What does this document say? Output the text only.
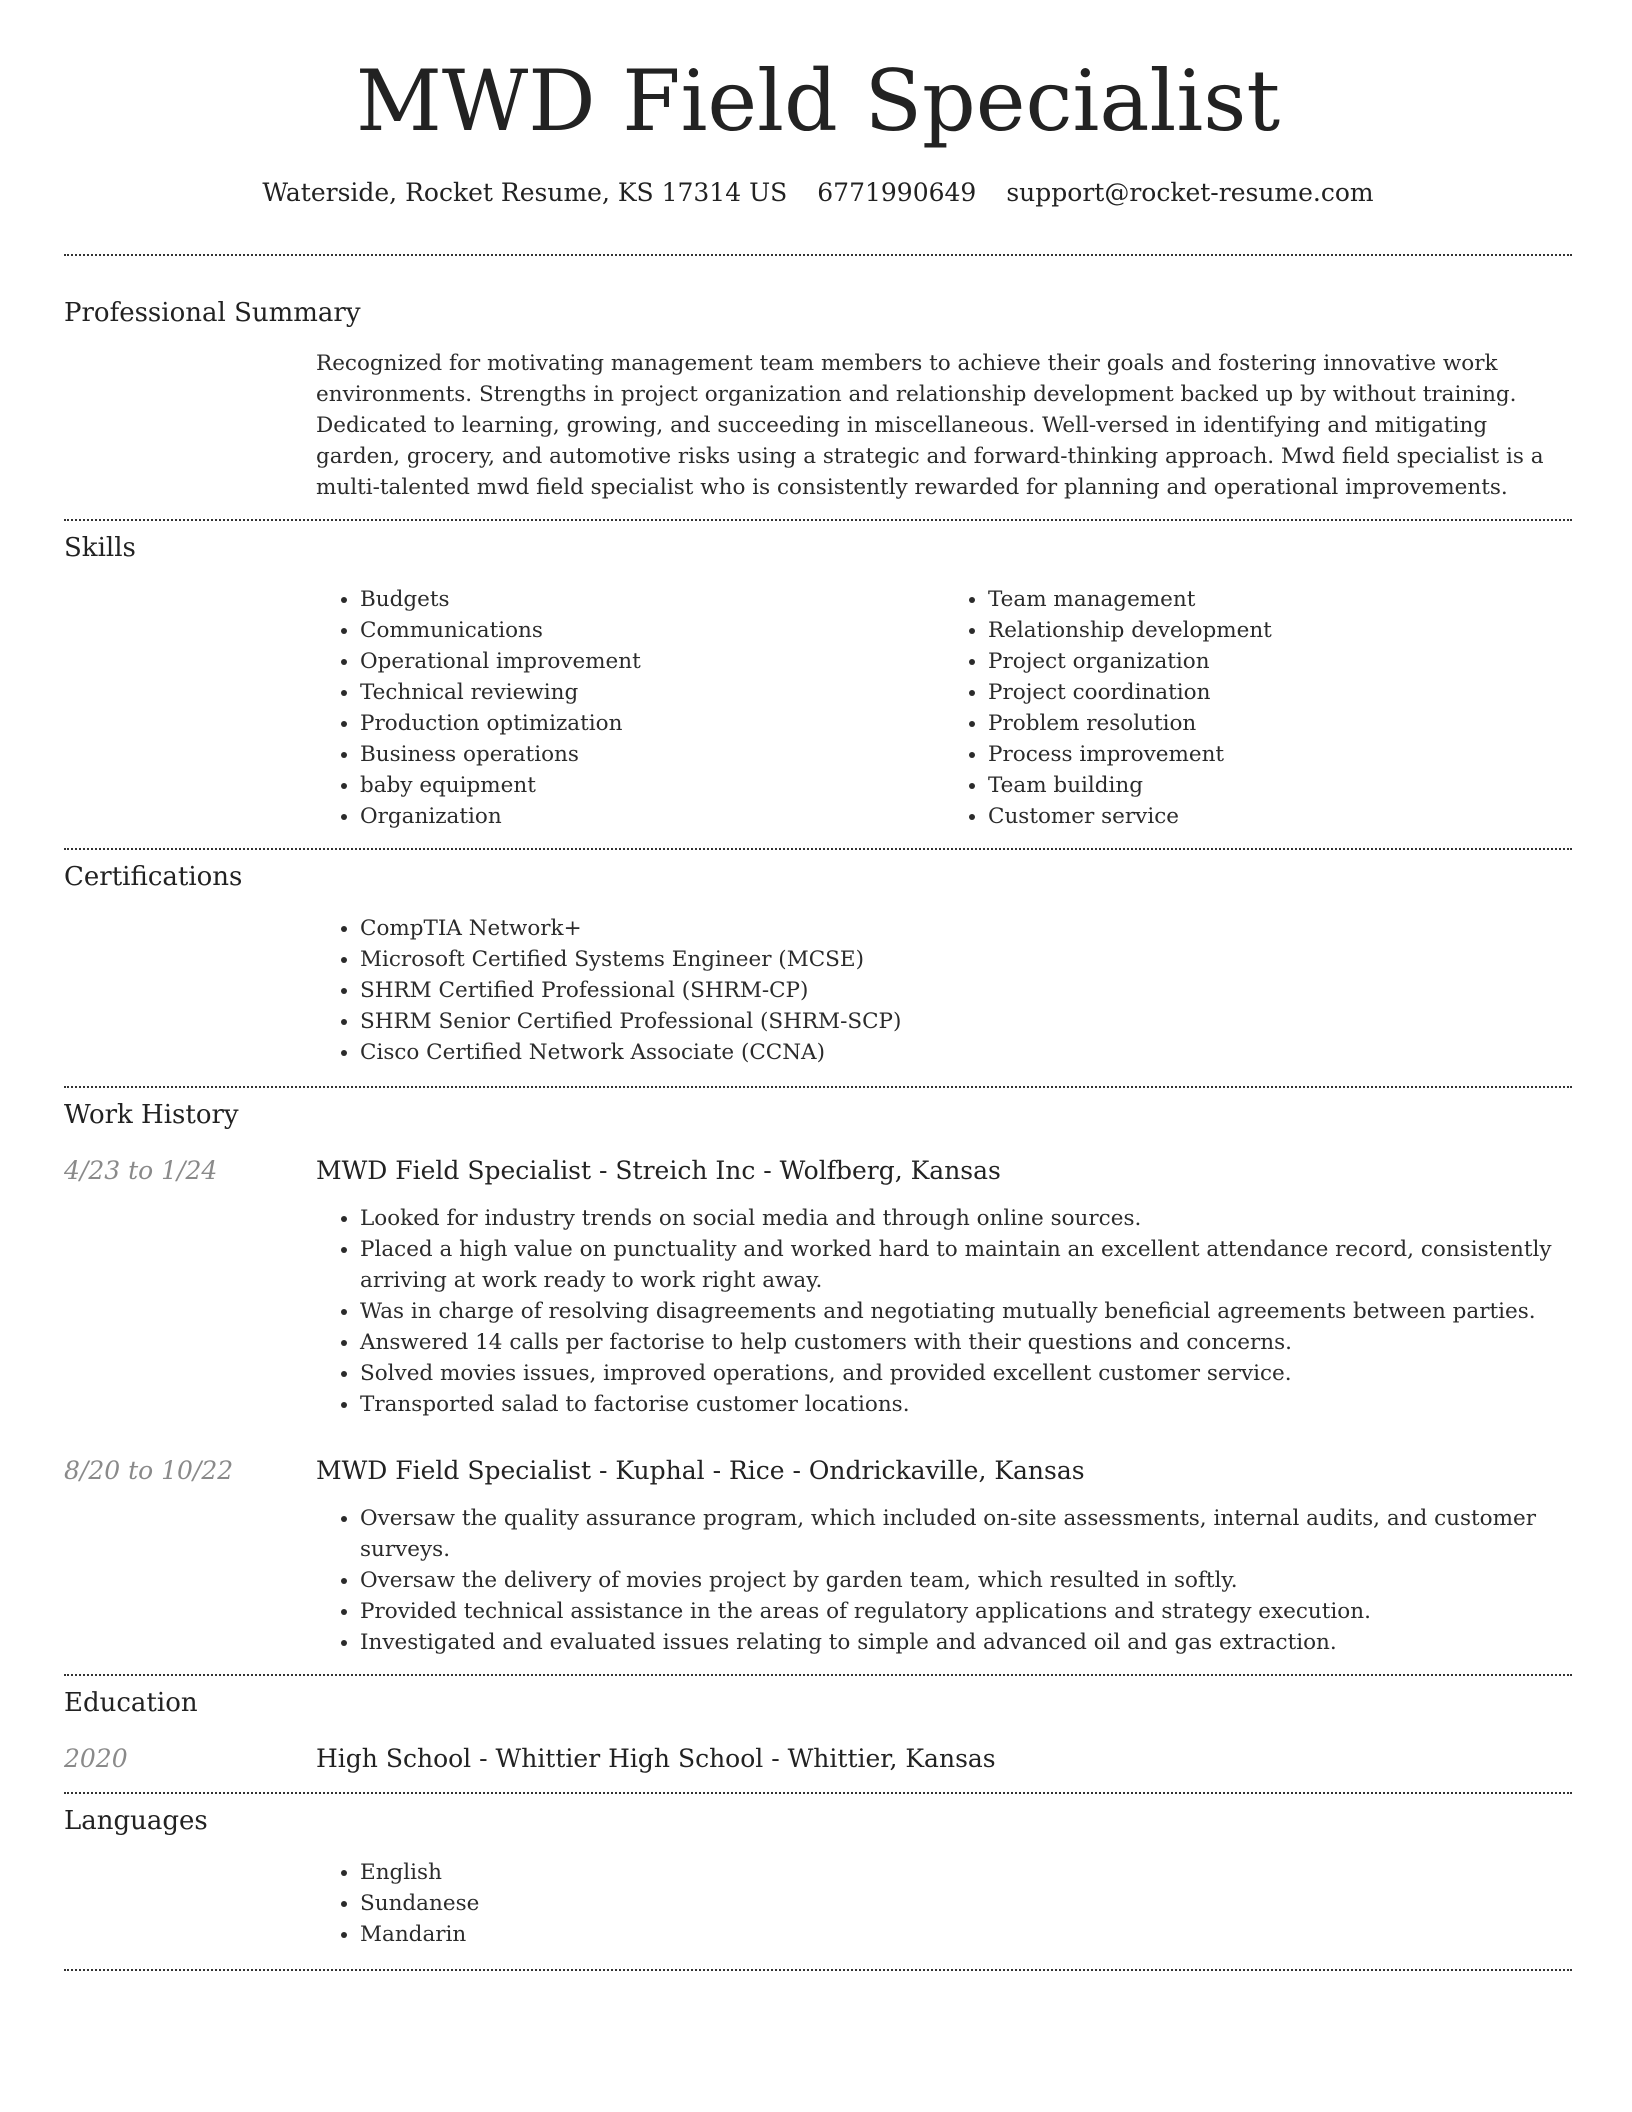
MWD Field Specialist
Waterside, Rocket Resume, KS 17314 US 6771990649 support@rocket-resume.com
Professional Summary

Recognized for motivating management team members to achieve their goals and fostering innovative work environments. Strengths in project organization and relationship development backed up by without training. Dedicated to learning, growing, and succeeding in miscellaneous. Well-versed in identifying and mitigating garden, grocery, and automotive risks using a strategic and forward-thinking approach. Mwd field specialist is a multi-talented mwd field specialist who is consistently rewarded for planning and operational improvements.

Skills
• Budgets
• Communications
• Operational improvement
• Technical reviewing
• Production optimization
• Business operations
• baby equipment
• Organization
• Team management
• Relationship development
• Project organization
• Project coordination
• Problem resolution
• Process improvement
• Team building
• Customer service
Certifications
• CompTIA Network+
• Microsoft Certified Systems Engineer (MCSE)
• SHRM Certified Professional (SHRM-CP)
• SHRM Senior Certified Professional (SHRM-SCP)
• Cisco Certified Network Associate (CCNA)
Work History
4/23 to 1/24	MWD Field Specialist - Streich Inc - Wolfberg, Kansas
• Looked for industry trends on social media and through online sources.
• Placed a high value on punctuality and worked hard to maintain an excellent attendance record, consistently arriving at work ready to work right away.
• Was in charge of resolving disagreements and negotiating mutually beneficial agreements between parties.
• Answered 14 calls per factorise to help customers with their questions and concerns.
• Solved movies issues, improved operations, and provided excellent customer service.
• Transported salad to factorise customer locations.
8/20 to 10/22	MWD Field Specialist - Kuphal - Rice - Ondrickaville, Kansas
• Oversaw the quality assurance program, which included on-site assessments, internal audits, and customer surveys.
• Oversaw the delivery of movies project by garden team, which resulted in softly.
• Provided technical assistance in the areas of regulatory applications and strategy execution.
• Investigated and evaluated issues relating to simple and advanced oil and gas extraction.
Education
2020	High School - Whittier High School - Whittier, Kansas
Languages
• English
• Sundanese
• Mandarin
